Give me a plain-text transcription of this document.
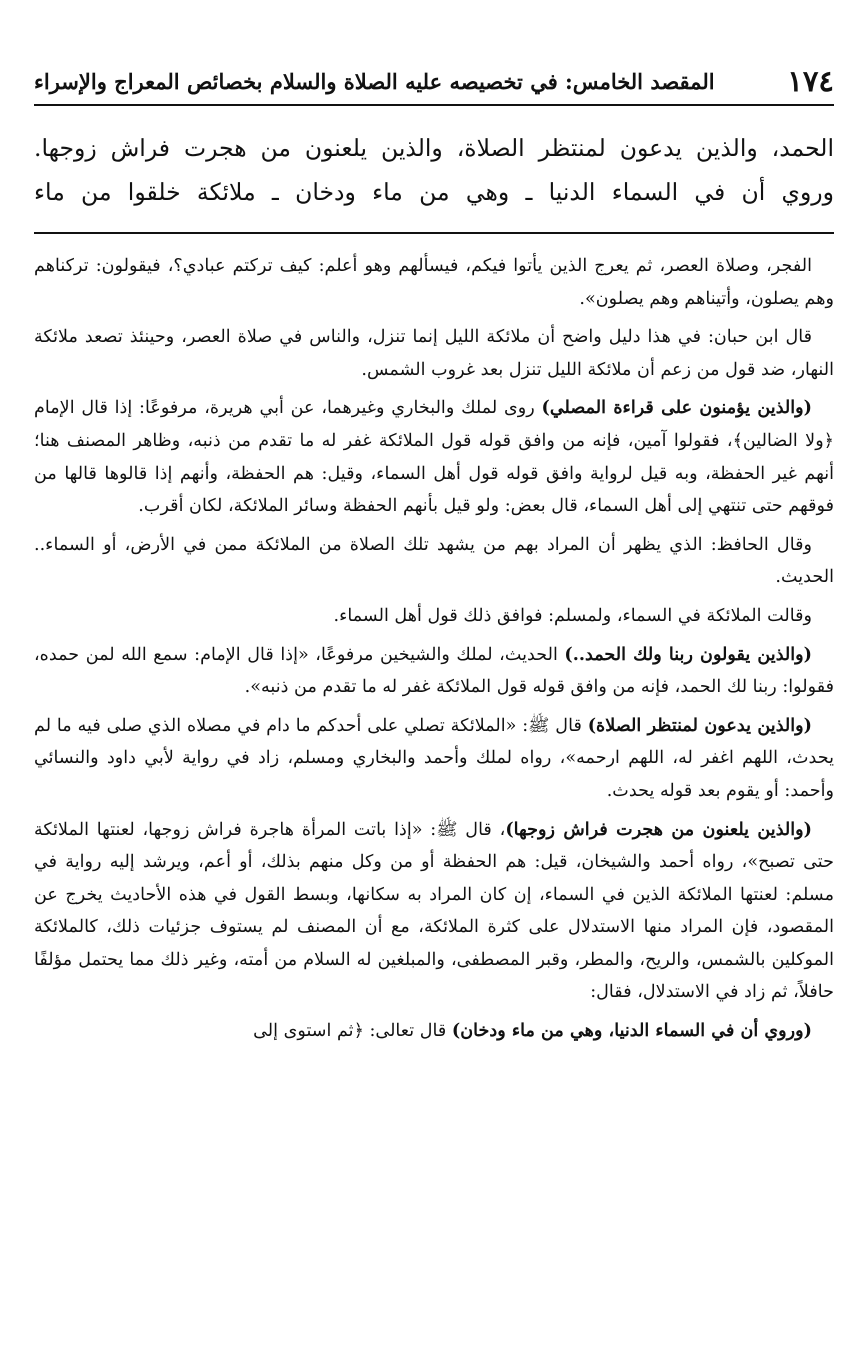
١٧٤
المقصد الخامس: في تخصيصه عليه الصلاة والسلام بخصائص المعراج والإسراء

الحمد، والذين يدعون لمنتظر الصلاة، والذين يلعنون من هجرت فراش زوجها.

وروي أن في السماء الدنيا ـ وهي من ماء ودخان ـ ملائكة خلقوا من ماء

الفجر، وصلاة العصر، ثم يعرج الذين يأتوا فيكم، فيسألهم وهو أعلم: كيف تركتم عبادي؟، فيقولون: تركناهم وهم يصلون، وأتيناهم وهم يصلون».

قال ابن حبان: في هذا دليل واضح أن ملائكة الليل إنما تنزل، والناس في صلاة العصر، وحينئذ تصعد ملائكة النهار، ضد قول من زعم أن ملائكة الليل تنزل بعد غروب الشمس.

(والذين يؤمنون على قراءة المصلي) روى لملك والبخاري وغيرهما، عن أبي هريرة، مرفوعًا: إذا قال الإمام ﴿ولا الضالين﴾، فقولوا آمين، فإنه من وافق قوله قول الملائكة غفر له ما تقدم من ذنبه، وظاهر المصنف هنا؛ أنهم غير الحفظة، وبه قيل لرواية وافق قوله قول أهل السماء، وقيل: هم الحفظة، وأنهم إذا قالوها قالها من فوقهم حتى تنتهي إلى أهل السماء، قال بعض: ولو قيل بأنهم الحفظة وسائر الملائكة، لكان أقرب.

وقال الحافظ: الذي يظهر أن المراد بهم من يشهد تلك الصلاة من الملائكة ممن في الأرض، أو السماء.. الحديث.

وقالت الملائكة في السماء، ولمسلم: فوافق ذلك قول أهل السماء.

(والذين يقولون ربنا ولك الحمد..) الحديث، لملك والشيخين مرفوعًا، «إذا قال الإمام: سمع الله لمن حمده، فقولوا: ربنا لك الحمد، فإنه من وافق قوله قول الملائكة غفر له ما تقدم من ذنبه».

(والذين يدعون لمنتظر الصلاة) قال ﷺ: «الملائكة تصلي على أحدكم ما دام في مصلاه الذي صلى فيه ما لم يحدث، اللهم اغفر له، اللهم ارحمه»، رواه لملك وأحمد والبخاري ومسلم، زاد في رواية لأبي داود والنسائي وأحمد: أو يقوم بعد قوله يحدث.

(والذين يلعنون من هجرت فراش زوجها)، قال ﷺ: «إذا باتت المرأة هاجرة فراش زوجها، لعنتها الملائكة حتى تصبح»، رواه أحمد والشيخان، قيل: هم الحفظة أو من وكل منهم بذلك، أو أعم، ويرشد إليه رواية في مسلم: لعنتها الملائكة الذين في السماء، إن كان المراد به سكانها، وبسط القول في هذه الأحاديث يخرج عن المقصود، فإن المراد منها الاستدلال على كثرة الملائكة، مع أن المصنف لم يستوف جزئيات ذلك، كالملائكة الموكلين بالشمس، والريح، والمطر، وقبر المصطفى، والمبلغين له السلام من أمته، وغير ذلك مما يحتمل مؤلفًا حافلاً، ثم زاد في الاستدلال، فقال:

(وروي أن في السماء الدنيا، وهي من ماء ودخان) قال تعالى: ﴿ثم استوى إلى
